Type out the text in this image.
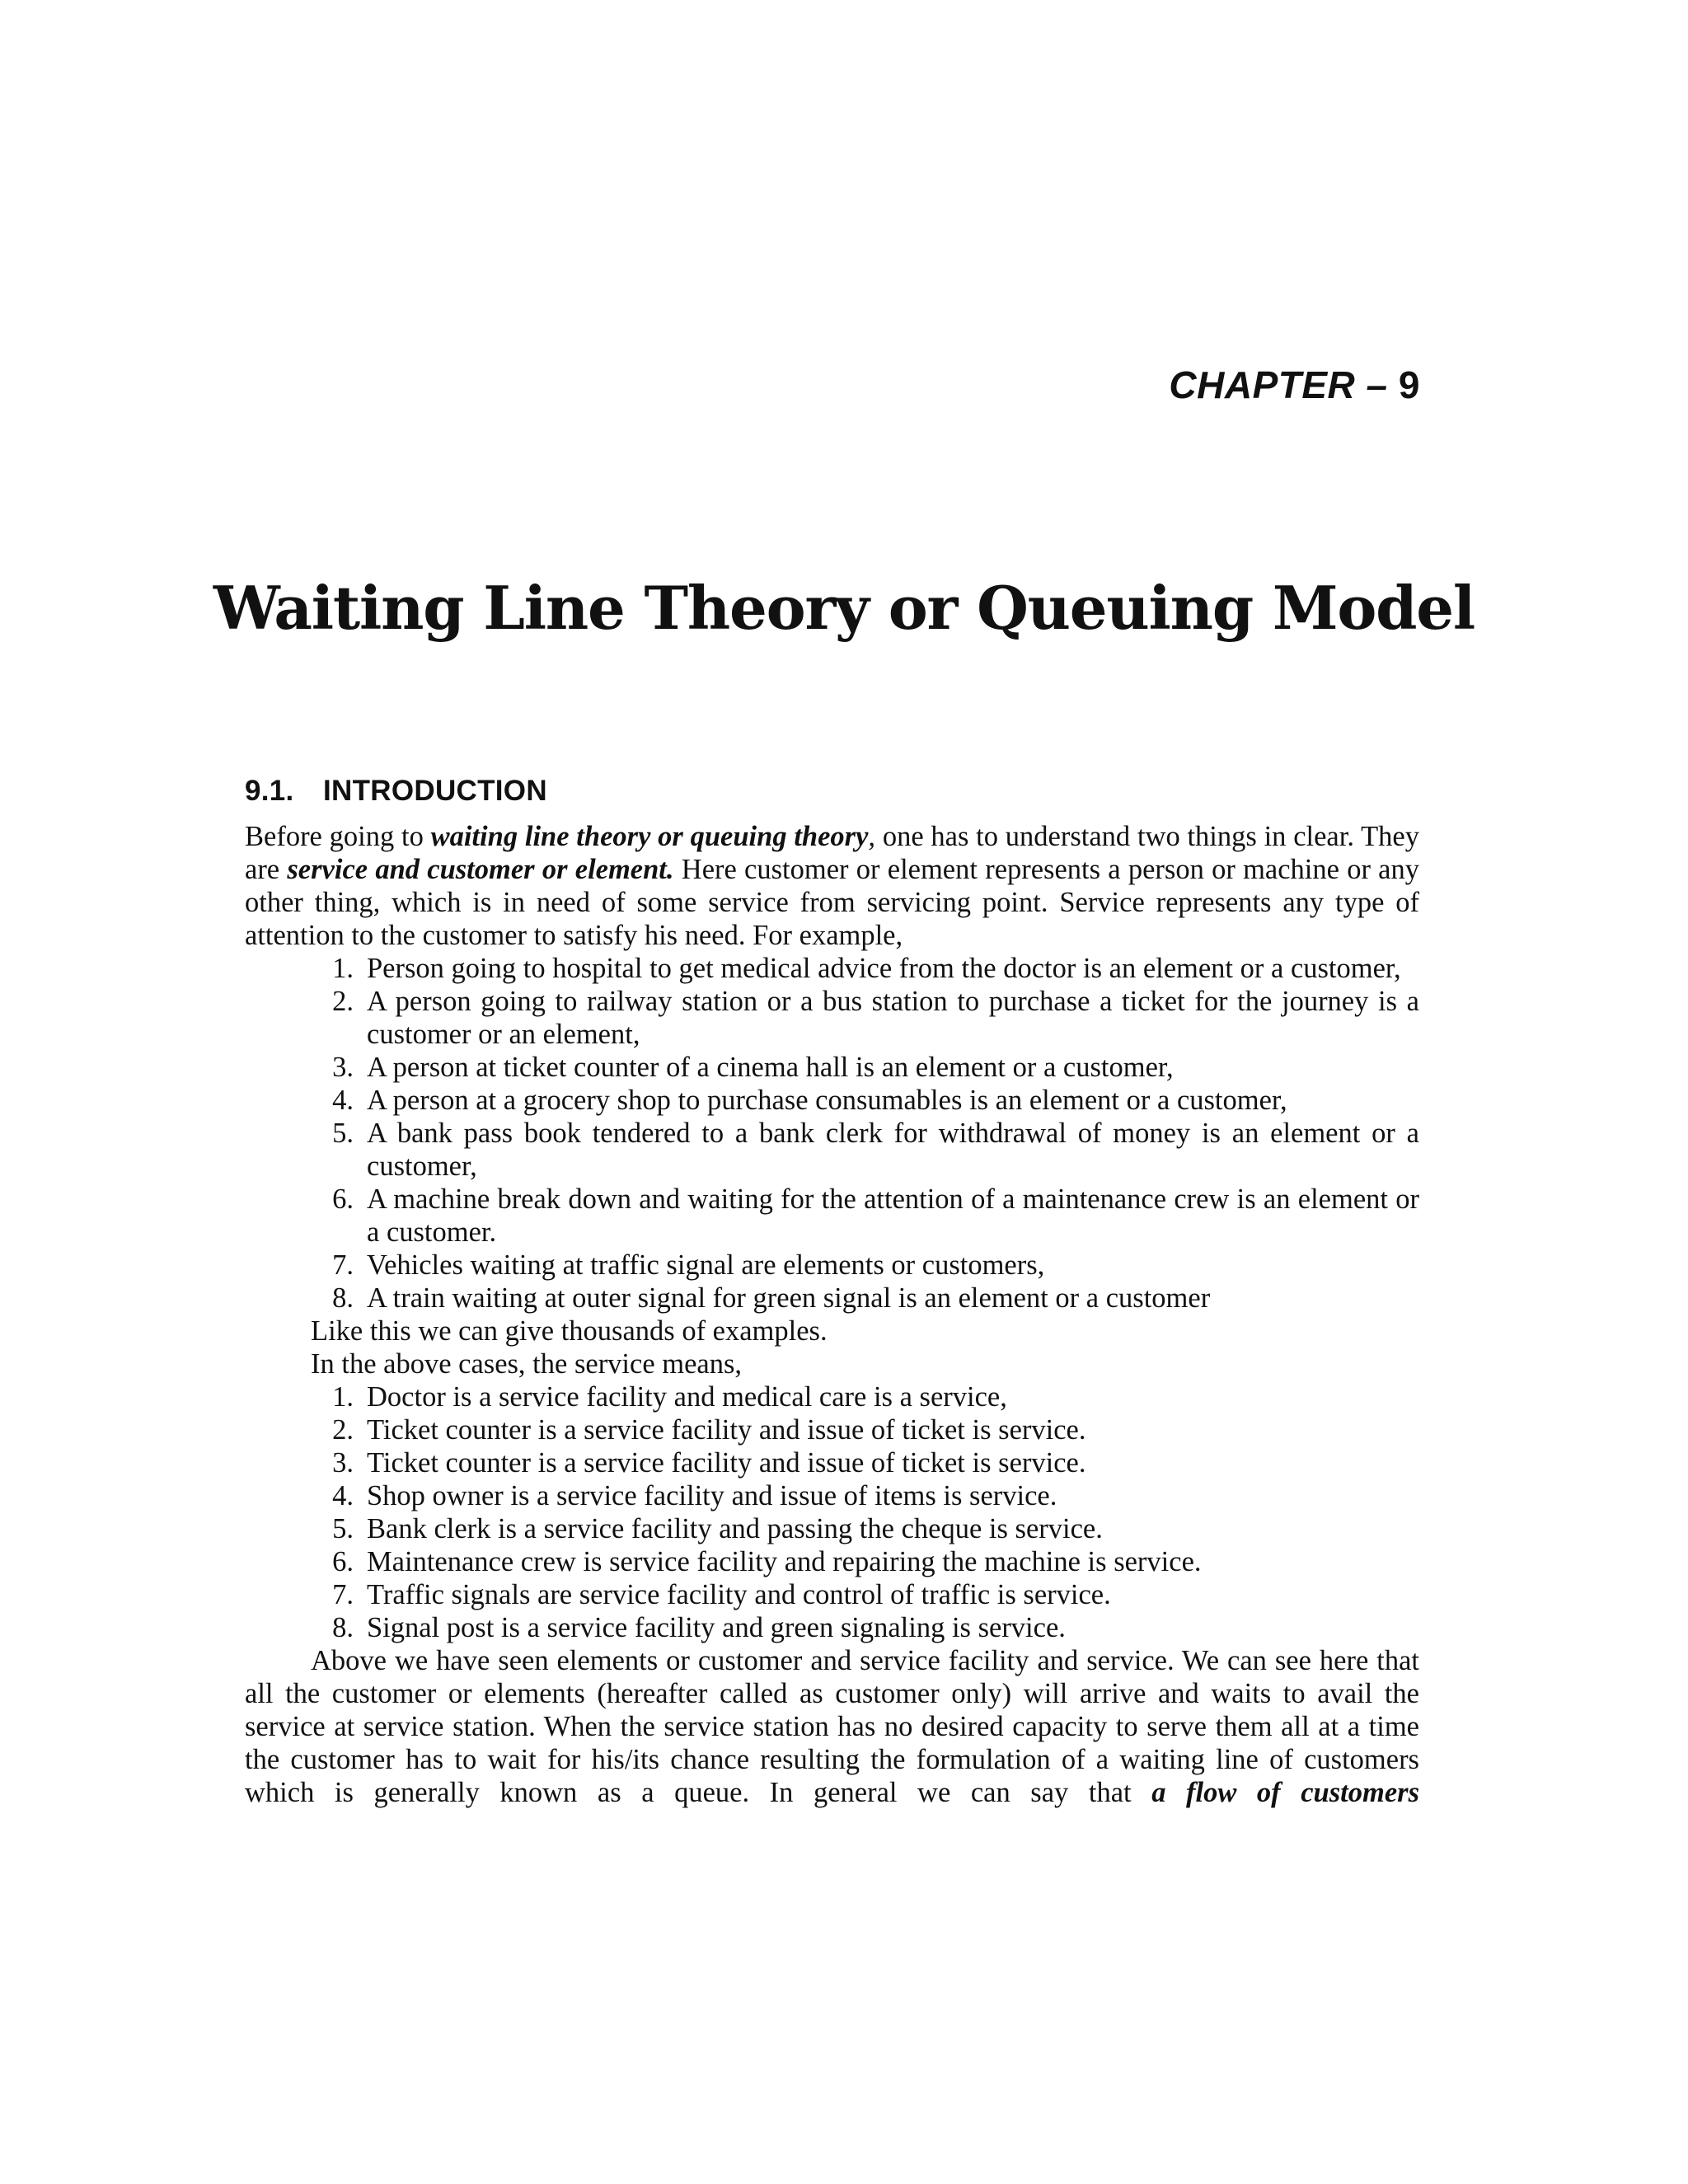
CHAPTER – 9
Waiting Line Theory or Queuing Model
9.1. INTRODUCTION

Before going to waiting line theory or queuing theory, one has to understand two things in clear. They are service and customer or element. Here customer or element represents a person or machine or any other thing, which is in need of some service from servicing point. Service represents any type of attention to the customer to satisfy his need. For example,

1. Person going to hospital to get medical advice from the doctor is an element or a customer,
2. A person going to railway station or a bus station to purchase a ticket for the journey is a customer or an element,
3. A person at ticket counter of a cinema hall is an element or a customer,
4. A person at a grocery shop to purchase consumables is an element or a customer,
5. A bank pass book tendered to a bank clerk for withdrawal of money is an element or a customer,
6. A machine break down and waiting for the attention of a maintenance crew is an element or a customer.
7. Vehicles waiting at traffic signal are elements or customers,
8. A train waiting at outer signal for green signal is an element or a customer

Like this we can give thousands of examples.

In the above cases, the service means,

1. Doctor is a service facility and medical care is a service,
2. Ticket counter is a service facility and issue of ticket is service.
3. Ticket counter is a service facility and issue of ticket is service.
4. Shop owner is a service facility and issue of items is service.
5. Bank clerk is a service facility and passing the cheque is service.
6. Maintenance crew is service facility and repairing the machine is service.
7. Traffic signals are service facility and control of traffic is service.
8. Signal post is a service facility and green signaling is service.

Above we have seen elements or customer and service facility and service. We can see here that all the customer or elements (hereafter called as customer only) will arrive and waits to avail the service at service station. When the service station has no desired capacity to serve them all at a time the customer has to wait for his/its chance resulting the formulation of a waiting line of customers which is generally known as a queue. In general we can say that a flow of customers
